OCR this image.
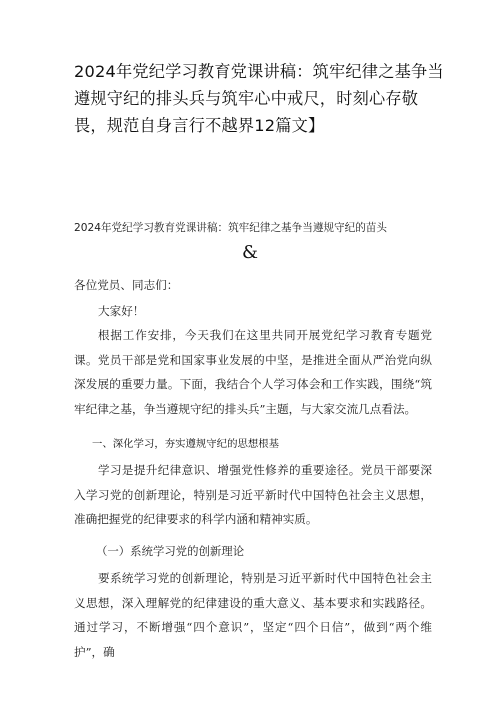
2024年党纪学习教育党课讲稿：筑牢纪律之基争当遵规守纪的排头兵与筑牢心中戒尺，时刻心存敬畏，规范自身言行不越界12篇文】

2024年党纪学习教育党课讲稿：筑牢纪律之基争当遵规守纪的苗头

&

各位党员、同志们：

大家好！

根据工作安排，今天我们在这里共同开展党纪学习教育专题党课。党员干部是党和国家事业发展的中坚，是推进全面从严治党向纵深发展的重要力量。下面，我结合个人学习体会和工作实践，围绕“筑牢纪律之基，争当遵规守纪的排头兵”主题，与大家交流几点看法。

一、深化学习，夯实遵规守纪的思想根基

学习是提升纪律意识、增强党性修养的重要途径。党员干部要深入学习党的创新理论，特别是习近平新时代中国特色社会主义思想，准确把握党的纪律要求的科学内涵和精神实质。

（一）系统学习党的创新理论

要系统学习党的创新理论，特别是习近平新时代中国特色社会主义思想，深入理解党的纪律建设的重大意义、基本要求和实践路径。通过学习，不断增强“四个意识”，坚定“四个日信”，做到“两个维护”，确
